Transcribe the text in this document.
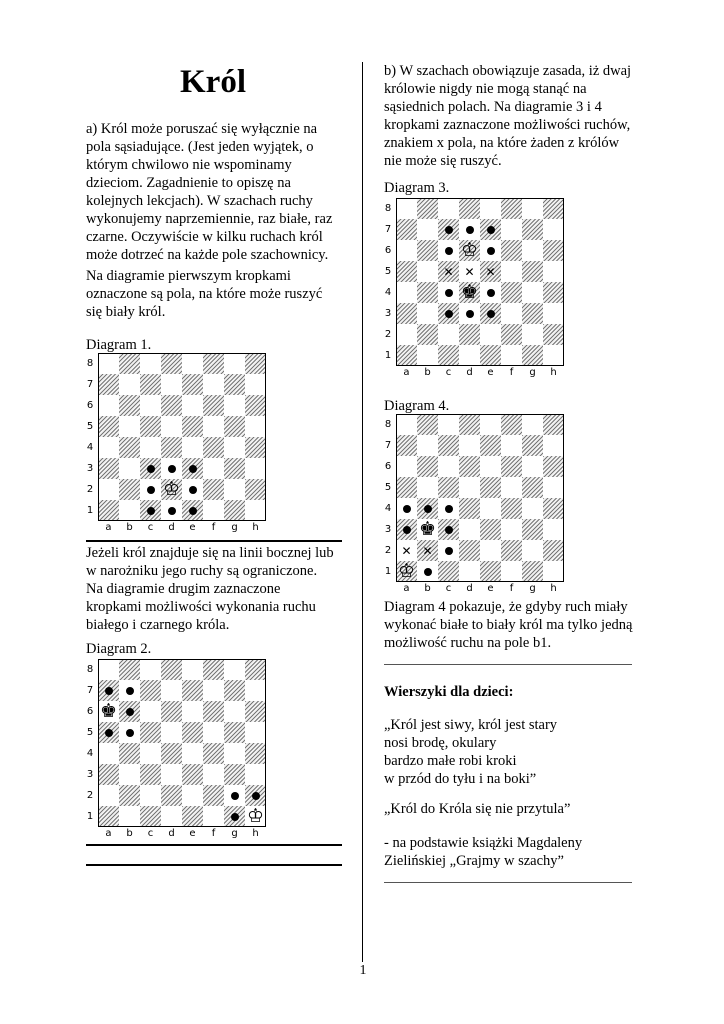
Król
a) Król może poruszać się wyłącznie na
pola sąsiadujące. (Jest jeden wyjątek, o
którym chwilowo nie wspominamy
dzieciom. Zagadnienie to opiszę na
kolejnych lekcjach). W szachach ruchy
wykonujemy naprzemiennie, raz białe, raz
czarne. Oczywiście w kilku ruchach król
może dotrzeć na każde pole szachownicy.
Na diagramie pierwszym kropkami
oznaczone są pola, na które może ruszyć
się biały król.
Diagram 1.
8
7
6
5
4
3
2
1
a	b	c	d	e	f	g	h
♔
Jeżeli król znajduje się na linii bocznej lub
w narożniku jego ruchy są ograniczone.
Na diagramie drugim zaznaczone
kropkami możliwości wykonania ruchu
białego i czarnego króla.
Diagram 2.
8
7
6
5
4
3
2
1
a	b	c	d	e	f	g	h
♚
♔
b) W szachach obowiązuje zasada, iż dwaj
królowie nigdy nie mogą stanąć na
sąsiednich polach. Na diagramie 3 i 4
kropkami zaznaczone możliwości ruchów,
znakiem x pola, na które żaden z królów
nie może się ruszyć.
Diagram 3.
8
7
6
5
4
3
2
1
a	b	c	d	e	f	g	h
✕ ✕ ✕
♔
♚
Diagram 4.
8
7
6
5
4
3
2
1
a	b	c	d	e	f	g	h
✕ ✕
♔
♚
Diagram 4 pokazuje, że gdyby ruch miały
wykonać białe to biały król ma tylko jedną
możliwość ruchu na pole b1.
Wierszyki dla dzieci:
„Król jest siwy, król jest stary
nosi brodę, okulary
bardzo małe robi kroki
w przód do tyłu i na boki”
„Król do Króla się nie przytula”
- na podstawie książki Magdaleny
Zielińskiej „Grajmy w szachy”
1
